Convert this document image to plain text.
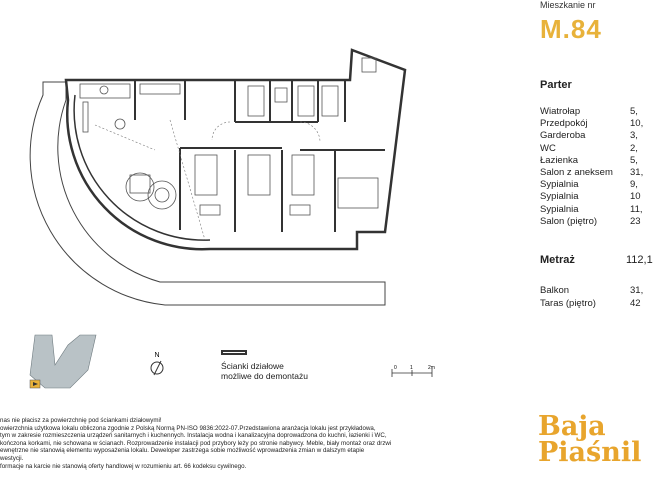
N
0	1	2m
Mieszkanie nr
M.84
Parter
Wiatrołap	5,
Przedpokój	10,
Garderoba	3,
WC	2,
Łazienka	5,
Salon z aneksem 31,
Sypialnia	9,
Sypialnia	10
Sypialnia	11,
Salon (piętro)	23
Metraż	112,1
Balkon	31,
Taras (piętro)	42
Ścianki działowe
możliwe do demontażu
nas nie płacisz za powierzchnię pod ściankami działowymi!
owierzchnia użytkowa lokalu obliczona zgodnie z Polską Normą PN-ISO 9836:2022-07.Przedstawiona aranżacja lokalu jest przykładowa,
tym w zakresie rozmieszczenia urządzeń sanitarnych i kuchennych. Instalacja wodna i kanalizacyjna doprowadzona do kuchni, łazienki i WC,
kończona korkami, nie schowana w ścianach. Rozprowadzenie instalacji pod przybory leży po stronie nabywcy. Meble, biały montaż oraz drzwi
ewnętrzne nie stanowią elementu wyposażenia lokalu. Deweloper zastrzega sobie możliwość wprowadzenia zmian w dalszym etapie
westycji.
formacje na karcie nie stanowią oferty handlowej w rozumieniu art. 66 kodeksu cywilnego.
Baja
Piaśnil
